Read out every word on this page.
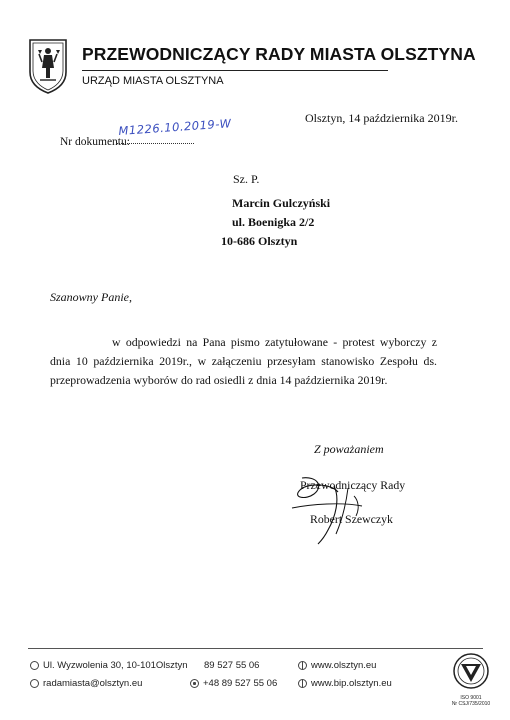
PRZEWODNICZĄCY RADY MIASTA OLSZTYNA
URZĄD MIASTA OLSZTYNA
Olsztyn, 14 października 2019r.
Nr dokumentu:
M1226.10.2019-W
Sz. P.
Marcin Gulczyński
ul. Boenigka 2/2
10-686 Olsztyn
Szanowny Panie,

w odpowiedzi na Pana pismo zatytułowane - protest wyborczy z dnia 10 października 2019r., w załączeniu przesyłam stanowisko Zespołu ds. przeprowadzenia wyborów do rad osiedli z dnia 14 października 2019r.

Z poważaniem
Przewodniczący Rady
Robert Szewczyk
Ul. Wyzwolenia 30, 10-101Olsztyn
radamiasta@olsztyn.eu
89 527 55 06
+48 89 527 55 06
www.olsztyn.eu
www.bip.olsztyn.eu
ISO 9001
Nr CSJ/735/2010
